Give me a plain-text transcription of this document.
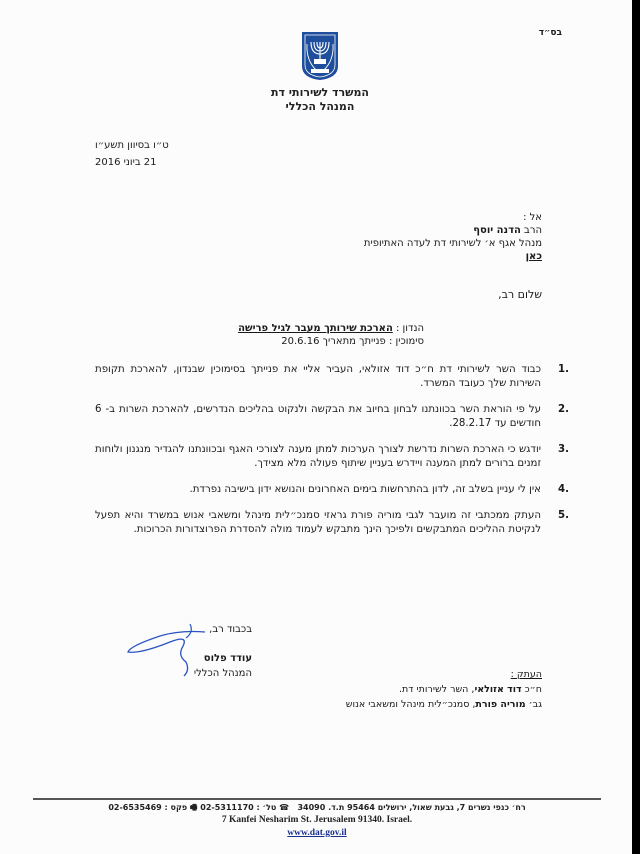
בס״ד
המשרד לשירותי דת
המנהל הכללי
ט״ו בסיוון תשע״ו
21 ביוני 2016
אל :
הרב הדנה יוסף
מנהל אגף א׳ לשירותי דת לעדה האתיופית
כאן
שלום רב,
הנדון : הארכת שירותך מעבר לגיל פרישה
סימוכין : פנייתך מתאריך 20.6.16
.1
כבוד השר לשירותי דת ח״כ דוד אזולאי, העביר אליי את פנייתך בסימוכין שבנדון, להארכת תקופת השירות שלך כעובד המשרד.
.2
על פי הוראת השר בכוונתנו לבחון בחיוב את הבקשה ולנקוט בהליכים הנדרשים, להארכת השרות ב- 6 חודשים עד 28.2.17.
.3
יודגש כי הארכת השרות נדרשת לצורך הערכות למתן מענה לצורכי האגף ובכוונתנו להגדיר מנגנון ולוחות זמנים ברורים למתן המענה ויידרש בעניין שיתוף פעולה מלא מצידך.
.4
אין לי עניין בשלב זה, לדון בהתרחשות בימים האחרונים והנושא ידון בישיבה נפרדת.
.5
העתק ממכתבי זה מועבר לגבי מוריה פורת גראזי סמנכ״לית מינהל ומשאבי אנוש במשרד והיא תפעל לנקיטת ההליכים המתבקשים ולפיכך הינך מתבקש לעמוד מולה להסדרת הפרוצדורות הכרוכות.
בכבוד רב,
עודד פלוס
המנהל הכללי	העתק :
ח״כ דוד אזולאי, השר לשירותי דת.
גב׳ מוריה פורת, סמנכ״לית מינהל ומשאבי אנוש
רח׳ כנפי נשרים 7, גבעת שאול, ירושלים 95464 ת.ד. 34090   ☎ טל׳ : 02-5311170 🖷 פקס : 02-6535469
7 Kanfei Nesharim St. Jerusalem 91340. Israel.
www.dat.gov.il
